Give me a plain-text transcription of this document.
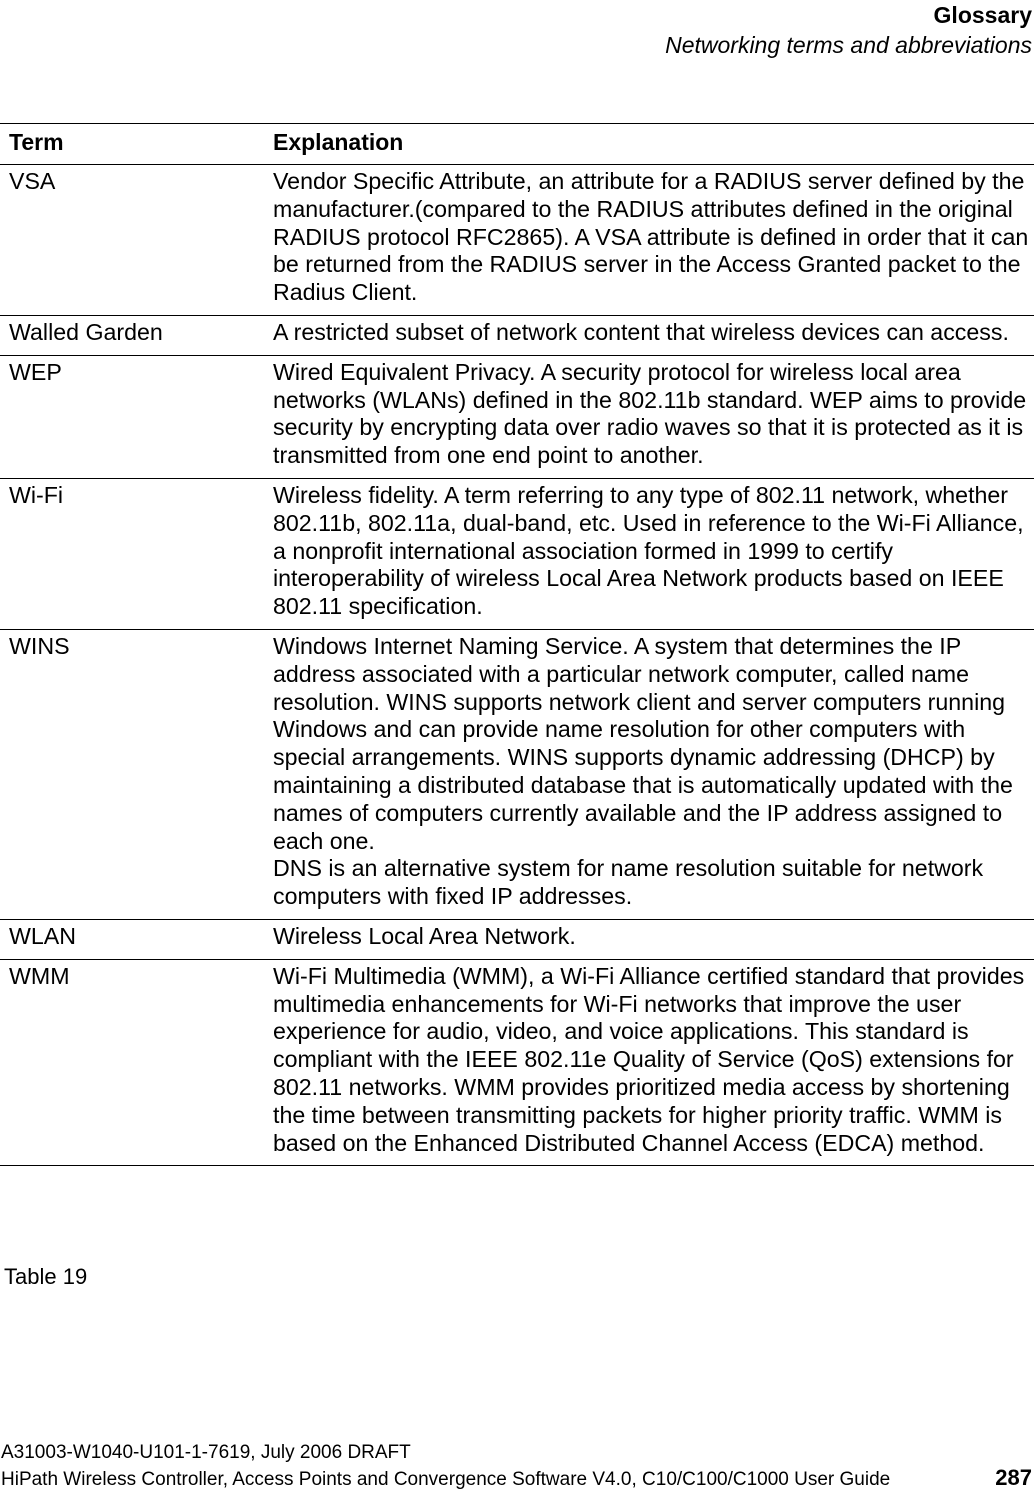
Glossary
Networking terms and abbreviations
Term	Explanation
VSA	Vendor Specific Attribute, an attribute for a RADIUS server defined by the manufacturer.(compared to the RADIUS attributes defined in the original RADIUS protocol RFC2865). A VSA attribute is defined in order that it can be returned from the RADIUS server in the Access Granted packet to the Radius Client.

Walled Garden	A restricted subset of network content that wireless devices can access.

WEP	Wired Equivalent Privacy. A security protocol for wireless local area networks (WLANs) defined in the 802.11b standard. WEP aims to provide security by encrypting data over radio waves so that it is protected as it is transmitted from one end point to another.

Wi-Fi	Wireless fidelity. A term referring to any type of 802.11 network, whether 802.11b, 802.11a, dual-band, etc. Used in reference to the Wi-Fi Alliance, a nonprofit international association formed in 1999 to certify interoperability of wireless Local Area Network products based on IEEE 802.11 specification.

WINS	Windows Internet Naming Service. A system that determines the IP address associated with a particular network computer, called name resolution. WINS supports network client and server computers running Windows and can provide name resolution for other computers with special arrangements. WINS supports dynamic addressing (DHCP) by maintaining a distributed database that is automatically updated with the names of computers currently available and the IP address assigned to each one.
DNS is an alternative system for name resolution suitable for network computers with fixed IP addresses.

WLAN	Wireless Local Area Network.

WMM	Wi-Fi Multimedia (WMM), a Wi-Fi Alliance certified standard that provides multimedia enhancements for Wi-Fi networks that improve the user experience for audio, video, and voice applications. This standard is compliant with the IEEE 802.11e Quality of Service (QoS) extensions for 802.11 networks. WMM provides prioritized media access by shortening the time between transmitting packets for higher priority traffic. WMM is based on the Enhanced Distributed Channel Access (EDCA) method.
Table 19
A31003-W1040-U101-1-7619, July 2006 DRAFT
HiPath Wireless Controller, Access Points and Convergence Software V4.0, C10/C100/C1000 User Guide	287
